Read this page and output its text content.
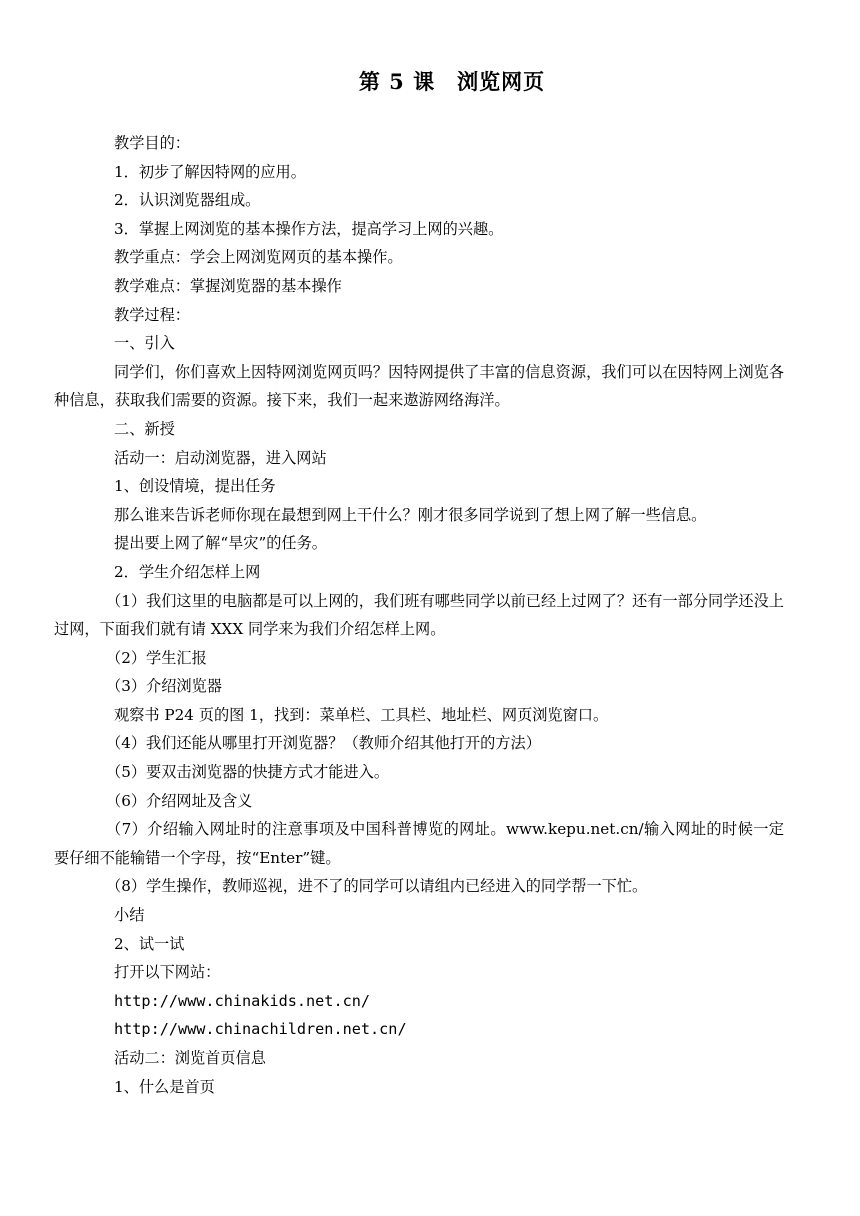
第 5 课　浏览网页

教学目的：

1．初步了解因特网的应用。

2．认识浏览器组成。

3．掌握上网浏览的基本操作方法，提高学习上网的兴趣。

教学重点：学会上网浏览网页的基本操作。

教学难点：掌握浏览器的基本操作

教学过程：

一、引入

同学们，你们喜欢上因特网浏览网页吗？因特网提供了丰富的信息资源，我们可以在因特网上浏览各种信息，获取我们需要的资源。接下来，我们一起来遨游网络海洋。

二、新授

活动一：启动浏览器，进入网站

1、创设情境，提出任务

那么谁来告诉老师你现在最想到网上干什么？刚才很多同学说到了想上网了解一些信息。

提出要上网了解“旱灾”的任务。

2．学生介绍怎样上网

（1）我们这里的电脑都是可以上网的，我们班有哪些同学以前已经上过网了？还有一部分同学还没上过网，下面我们就有请 XXX 同学来为我们介绍怎样上网。

（2）学生汇报

（3）介绍浏览器

观察书 P24 页的图 1，找到：菜单栏、工具栏、地址栏、网页浏览窗口。

（4）我们还能从哪里打开浏览器？（教师介绍其他打开的方法）

（5）要双击浏览器的快捷方式才能进入。

（6）介绍网址及含义

（7）介绍输入网址时的注意事项及中国科普博览的网址。www.kepu.net.cn/输入网址的时候一定要仔细不能输错一个字母，按“Enter”键。

（8）学生操作，教师巡视，进不了的同学可以请组内已经进入的同学帮一下忙。

小结

2、试一试

打开以下网站：

http://www.chinakids.net.cn/

http://www.chinachildren.net.cn/

活动二：浏览首页信息

1、什么是首页
